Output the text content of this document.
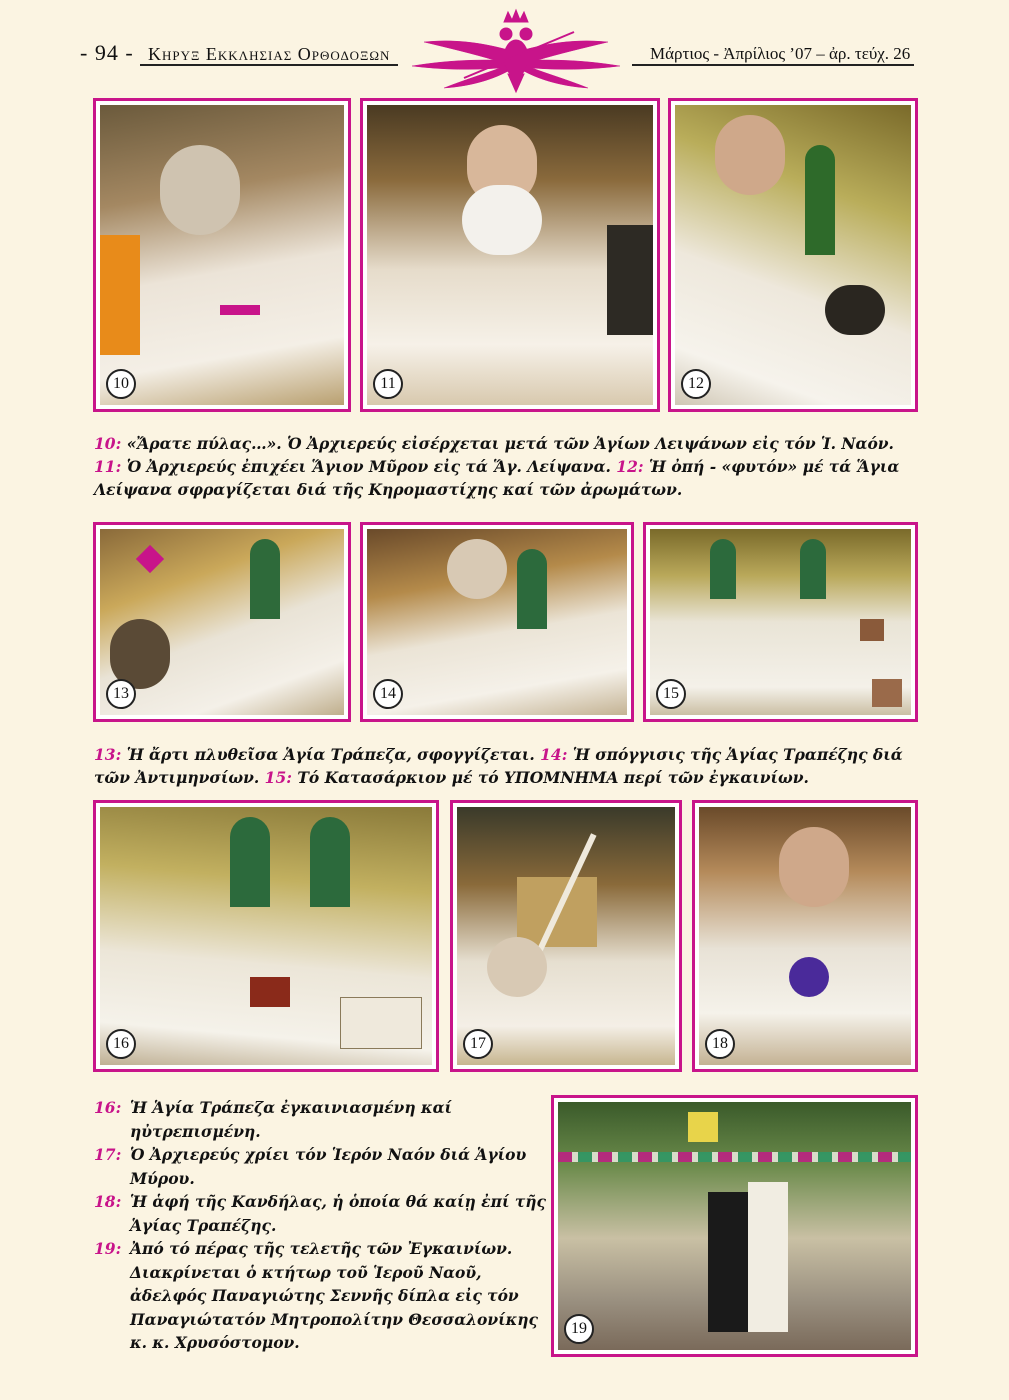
- 94 - Κηρυξ Εκκλησιας Ορθοδοξων	Μάρτιος - Ἀπρίλιος ’07 – ἀρ. τεύχ. 26
10	11	12
10: «Ἄρατε πύλας…». Ὁ Ἀρχιερεύς εἰσέρχεται μετά τῶν Ἁγίων Λειψάνων εἰς τόν Ἱ. Ναόν. 11: Ὁ Ἀρχιερεύς ἐπιχέει Ἅγιον Μῦρον εἰς τά Ἅγ. Λείψανα. 12: Ἡ ὀπή - «φυτόν» μέ τά Ἅγια Λείψανα σφραγίζεται διά τῆς Κηρομαστίχης καί τῶν ἀρωμάτων.
13	14	15
13: Ἡ ἄρτι πλυθεῖσα Ἁγία Τράπεζα, σφογγίζεται. 14: Ἡ σπόγγισις τῆς Ἁγίας Τραπέζης διά τῶν Ἀντιμηνσίων. 15: Τό Κατασάρκιον μέ τό ΥΠΟΜΝΗΜΑ περί τῶν ἐγκαινίων.
16	17	18
16: Ἡ Ἁγία Τράπεζα ἐγκαινιασμένη καί ηὐτρεπισμένη.
17: Ὁ Ἀρχιερεύς χρίει τόν Ἱερόν Ναόν διά Ἁγίου Μύρου.
18: Ἡ ἁφή τῆς Κανδήλας, ἡ ὁποία θά καίῃ ἐπί τῆς Ἁγίας Τραπέζης.
19: Ἀπό τό πέρας τῆς τελετῆς τῶν Ἐγκαινίων. Διακρίνεται ὁ κτήτωρ τοῦ Ἱεροῦ Ναοῦ, ἀδελφός Παναγιώτης Σεννῆς δίπλα εἰς τόν Παναγιώτατόν Μητροπολίτην Θεσσαλονίκης κ. κ. Χρυσόστομον.
19
